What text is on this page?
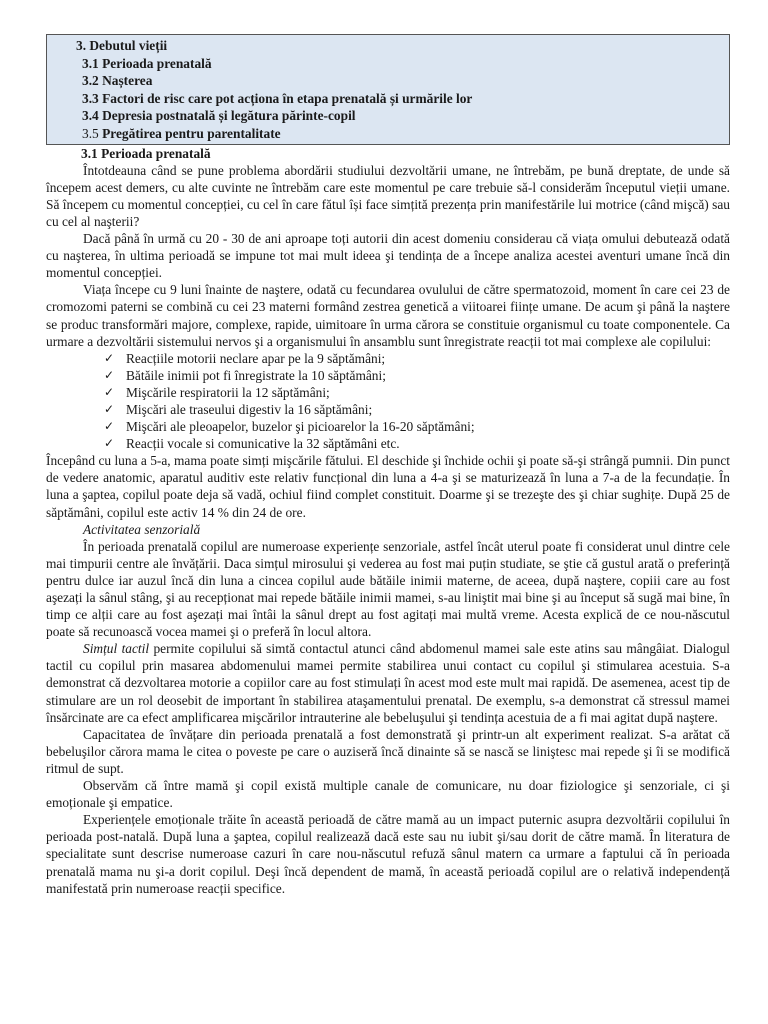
3. Debutul vieții
3.1 Perioada prenatală
3.2 Nașterea
3.3 Factori de risc care pot acționa în etapa prenatală și urmările lor
3.4 Depresia postnatală și legătura părinte-copil
3.5 Pregătirea pentru parentalitate
3.1 Perioada prenatală

Întotdeauna când se pune problema abordării studiului dezvoltării umane, ne întrebăm, pe bună dreptate, de unde să începem acest demers, cu alte cuvinte ne întrebăm care este momentul pe care trebuie să-l considerăm începutul vieții umane. Să începem cu momentul concepției, cu cel în care fătul își face simțită prezența prin manifestările lui motrice (când mişcă) sau cu cel al naşterii?

Dacă până în urmă cu 20 - 30 de ani aproape toți autorii din acest domeniu considerau că viața omului debutează odată cu naşterea, în ultima perioadă se impune tot mai mult ideea şi tendința de a începe analiza acestei aventuri umane încă din momentul concepției.

Viața începe cu 9 luni înainte de naştere, odată cu fecundarea ovulului de către spermatozoid, moment în care cei 23 de cromozomi paterni se combină cu cei 23 materni formând zestrea genetică a viitoarei ființe umane. De acum şi până la naştere se produc transformări majore, complexe, rapide, uimitoare în urma cărora se constituie organismul cu toate componentele. Ca urmare a dezvoltării sistemului nervos şi a organismului în ansamblu sunt înregistrate reacții tot mai complexe ale copilului:

✓ Reacțiile motorii neclare apar pe la 9 săptămâni;
✓ Bătăile inimii pot fi înregistrate la 10 săptămâni;
✓ Mişcările respiratorii la 12 săptămâni;
✓ Mişcări ale traseului digestiv la 16 săptămâni;
✓ Mişcări ale pleoapelor, buzelor şi picioarelor la 16-20 săptămâni;
✓ Reacții vocale si comunicative la 32 săptămâni etc.

Începând cu luna a 5-a, mama poate simți mişcările fătului. El deschide şi închide ochii şi poate să-şi strângă pumnii. Din punct de vedere anatomic, aparatul auditiv este relativ funcțional din luna a 4-a şi se maturizează în luna a 7-a de la fecundație. În luna a şaptea, copilul poate deja să vadă, ochiul fiind complet constituit. Doarme şi se trezeşte des şi chiar sughițe. După 25 de săptămâni, copilul este activ 14 % din 24 de ore.

Activitatea senzorială

În perioada prenatală copilul are numeroase experiențe senzoriale, astfel încât uterul poate fi considerat unul dintre cele mai timpurii centre ale învățării. Daca simțul mirosului şi vederea au fost mai puțin studiate, se ştie că gustul arată o preferință pentru dulce iar auzul încă din luna a cincea copilul aude bătăile inimii materne, de aceea, după naştere, copiii care au fost aşezați la sânul stâng, şi au recepționat mai repede bătăile inimii mamei, s-au liniştit mai bine şi au început să sugă mai bine, în timp ce alții care au fost aşezați mai întâi la sânul drept au fost agitați mai multă vreme. Acesta explică de ce nou-născutul poate să recunoască vocea mamei şi o preferă în locul altora.

Simțul tactil permite copilului să simtă contactul atunci când abdomenul mamei sale este atins sau mângâiat. Dialogul tactil cu copilul prin masarea abdomenului mamei permite stabilirea unui contact cu copilul şi stimularea acestuia. S-a demonstrat că dezvoltarea motorie a copiilor care au fost stimulați în acest mod este mult mai rapidă. De asemenea, acest tip de stimulare are un rol deosebit de important în stabilirea ataşamentului prenatal. De exemplu, s-a demonstrat că stressul mamei însărcinate are ca efect amplificarea mişcărilor intrauterine ale bebeluşului şi tendința acestuia de a fi mai agitat după naştere.

Capacitatea de învățare din perioada prenatală a fost demonstrată şi printr-un alt experiment realizat. S-a arătat că bebeluşilor cărora mama le citea o poveste pe care o auziseră încă dinainte să se nască se liniştesc mai repede şi îi se modifică ritmul de supt.

Observăm că între mamă şi copil există multiple canale de comunicare, nu doar fiziologice şi senzoriale, ci şi emoționale şi empatice.

Experiențele emoționale trăite în această perioadă de către mamă au un impact puternic asupra dezvoltării copilului în perioada post-natală. După luna a şaptea, copilul realizează dacă este sau nu iubit şi/sau dorit de către mamă. În literatura de specialitate sunt descrise numeroase cazuri în care nou-născutul refuză sânul matern ca urmare a faptului că în perioada prenatală mama nu şi-a dorit copilul. Deşi încă dependent de mamă, în această perioadă copilul are o relativă independență manifestată prin numeroase reacții specifice.
